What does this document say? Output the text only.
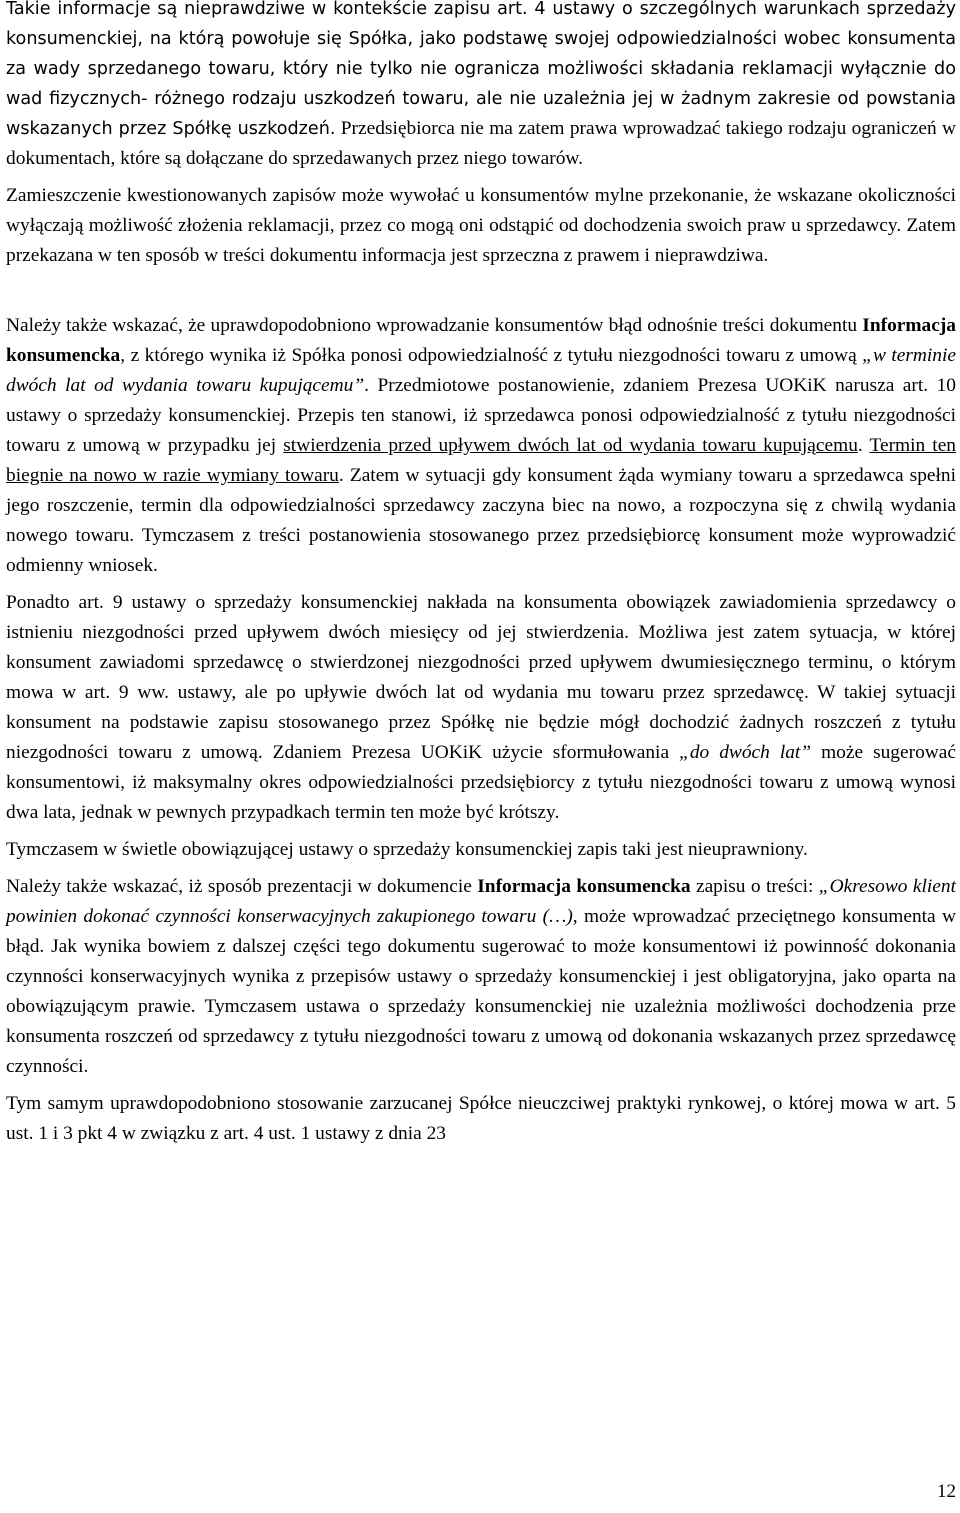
Takie informacje są nieprawdziwe w kontekście zapisu art. 4 ustawy o szczególnych warunkach sprzedaży konsumenckiej, na którą powołuje się Spółka, jako podstawę swojej odpowiedzialności wobec konsumenta za wady sprzedanego towaru, który nie tylko nie ogranicza możliwości składania reklamacji wyłącznie do wad fizycznych- różnego rodzaju uszkodzeń towaru, ale nie uzależnia jej w żadnym zakresie od powstania wskazanych przez Spółkę uszkodzeń. Przedsiębiorca nie ma zatem prawa wprowadzać takiego rodzaju ograniczeń w dokumentach, które są dołączane do sprzedawanych przez niego towarów.

Zamieszczenie kwestionowanych zapisów może wywołać u konsumentów mylne przekonanie, że wskazane okoliczności wyłączają możliwość złożenia reklamacji, przez co mogą oni odstąpić od dochodzenia swoich praw u sprzedawcy. Zatem przekazana w ten sposób w treści dokumentu informacja jest sprzeczna z prawem i nieprawdziwa.

Należy także wskazać, że uprawdopodobniono wprowadzanie konsumentów błąd odnośnie treści dokumentu Informacja konsumencka, z którego wynika iż Spółka ponosi odpowiedzialność z tytułu niezgodności towaru z umową „w terminie dwóch lat od wydania towaru kupującemu”. Przedmiotowe postanowienie, zdaniem Prezesa UOKiK narusza art. 10 ustawy o sprzedaży konsumenckiej. Przepis ten stanowi, iż sprzedawca ponosi odpowiedzialność z tytułu niezgodności towaru z umową w przypadku jej stwierdzenia przed upływem dwóch lat od wydania towaru kupującemu. Termin ten biegnie na nowo w razie wymiany towaru. Zatem w sytuacji gdy konsument żąda wymiany towaru a sprzedawca spełni jego roszczenie, termin dla odpowiedzialności sprzedawcy zaczyna biec na nowo, a rozpoczyna się z chwilą wydania nowego towaru. Tymczasem z treści postanowienia stosowanego przez przedsiębiorcę konsument może wyprowadzić odmienny wniosek.

Ponadto art. 9 ustawy o sprzedaży konsumenckiej nakłada na konsumenta obowiązek zawiadomienia sprzedawcy o istnieniu niezgodności przed upływem dwóch miesięcy od jej stwierdzenia. Możliwa jest zatem sytuacja, w której konsument zawiadomi sprzedawcę o stwierdzonej niezgodności przed upływem dwumiesięcznego terminu, o którym mowa w art. 9 ww. ustawy, ale po upływie dwóch lat od wydania mu towaru przez sprzedawcę. W takiej sytuacji konsument na podstawie zapisu stosowanego przez Spółkę nie będzie mógł dochodzić żadnych roszczeń z tytułu niezgodności towaru z umową. Zdaniem Prezesa UOKiK użycie sformułowania „do dwóch lat” może sugerować konsumentowi, iż maksymalny okres odpowiedzialności przedsiębiorcy z tytułu niezgodności towaru z umową wynosi dwa lata, jednak w pewnych przypadkach termin ten może być krótszy.

Tymczasem w świetle obowiązującej ustawy o sprzedaży konsumenckiej zapis taki jest nieuprawniony.

Należy także wskazać, iż sposób prezentacji w dokumencie Informacja konsumencka zapisu o treści: „Okresowo klient powinien dokonać czynności konserwacyjnych zakupionego towaru (…), może wprowadzać przeciętnego konsumenta w błąd. Jak wynika bowiem z dalszej części tego dokumentu sugerować to może konsumentowi iż powinność dokonania czynności konserwacyjnych wynika z przepisów ustawy o sprzedaży konsumenckiej i jest obligatoryjna, jako oparta na obowiązującym prawie. Tymczasem ustawa o sprzedaży konsumenckiej nie uzależnia możliwości dochodzenia prze konsumenta roszczeń od sprzedawcy z tytułu niezgodności towaru z umową od dokonania wskazanych przez sprzedawcę czynności.

Tym samym uprawdopodobniono stosowanie zarzucanej Spółce nieuczciwej praktyki rynkowej, o której mowa w art. 5 ust. 1 i 3 pkt 4 w związku z art. 4 ust. 1 ustawy z dnia 23

12
